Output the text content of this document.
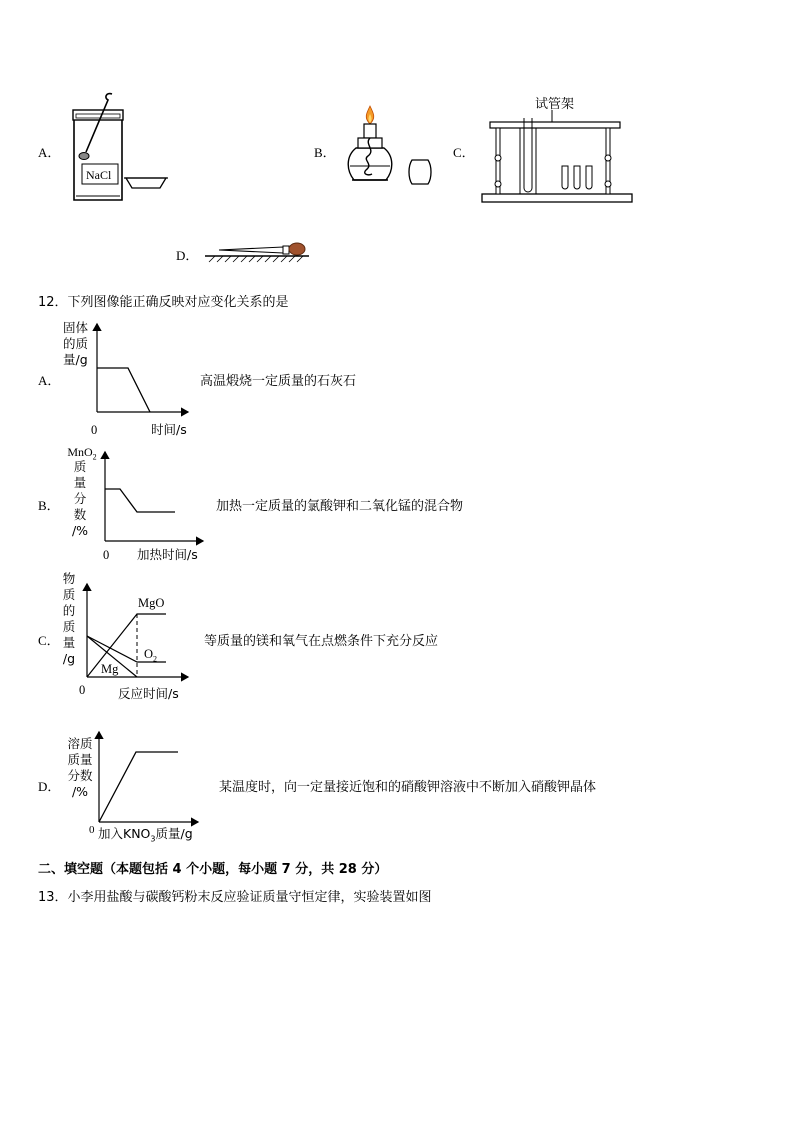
A．
NaCl
B．	C．
试管架
D．
12．下列图像能正确反映对应变化关系的是
A．
固体
的质
量/g
0	时间/s
高温煅烧一定质量的石灰石
B．
MnO$_2$
质
量
分
数
/%
0 加热时间/s
加热一定质量的氯酸钾和二氧化锰的混合物
C．
物
质
的
质
量
/g
MgO
$O_2$
Mg
0	反应时间/s
等质量的镁和氧气在点燃条件下充分反应
D．
溶质
质量
分数
/%
0 加入$KNO_3$质量/g
某温度时，向一定量接近饱和的硝酸钾溶液中不断加入硝酸钾晶体
二、填空题（本题包括 4 个小题，每小题 7 分，共 28 分）
13．小李用盐酸与碳酸钙粉末反应验证质量守恒定律，实验装置如图
